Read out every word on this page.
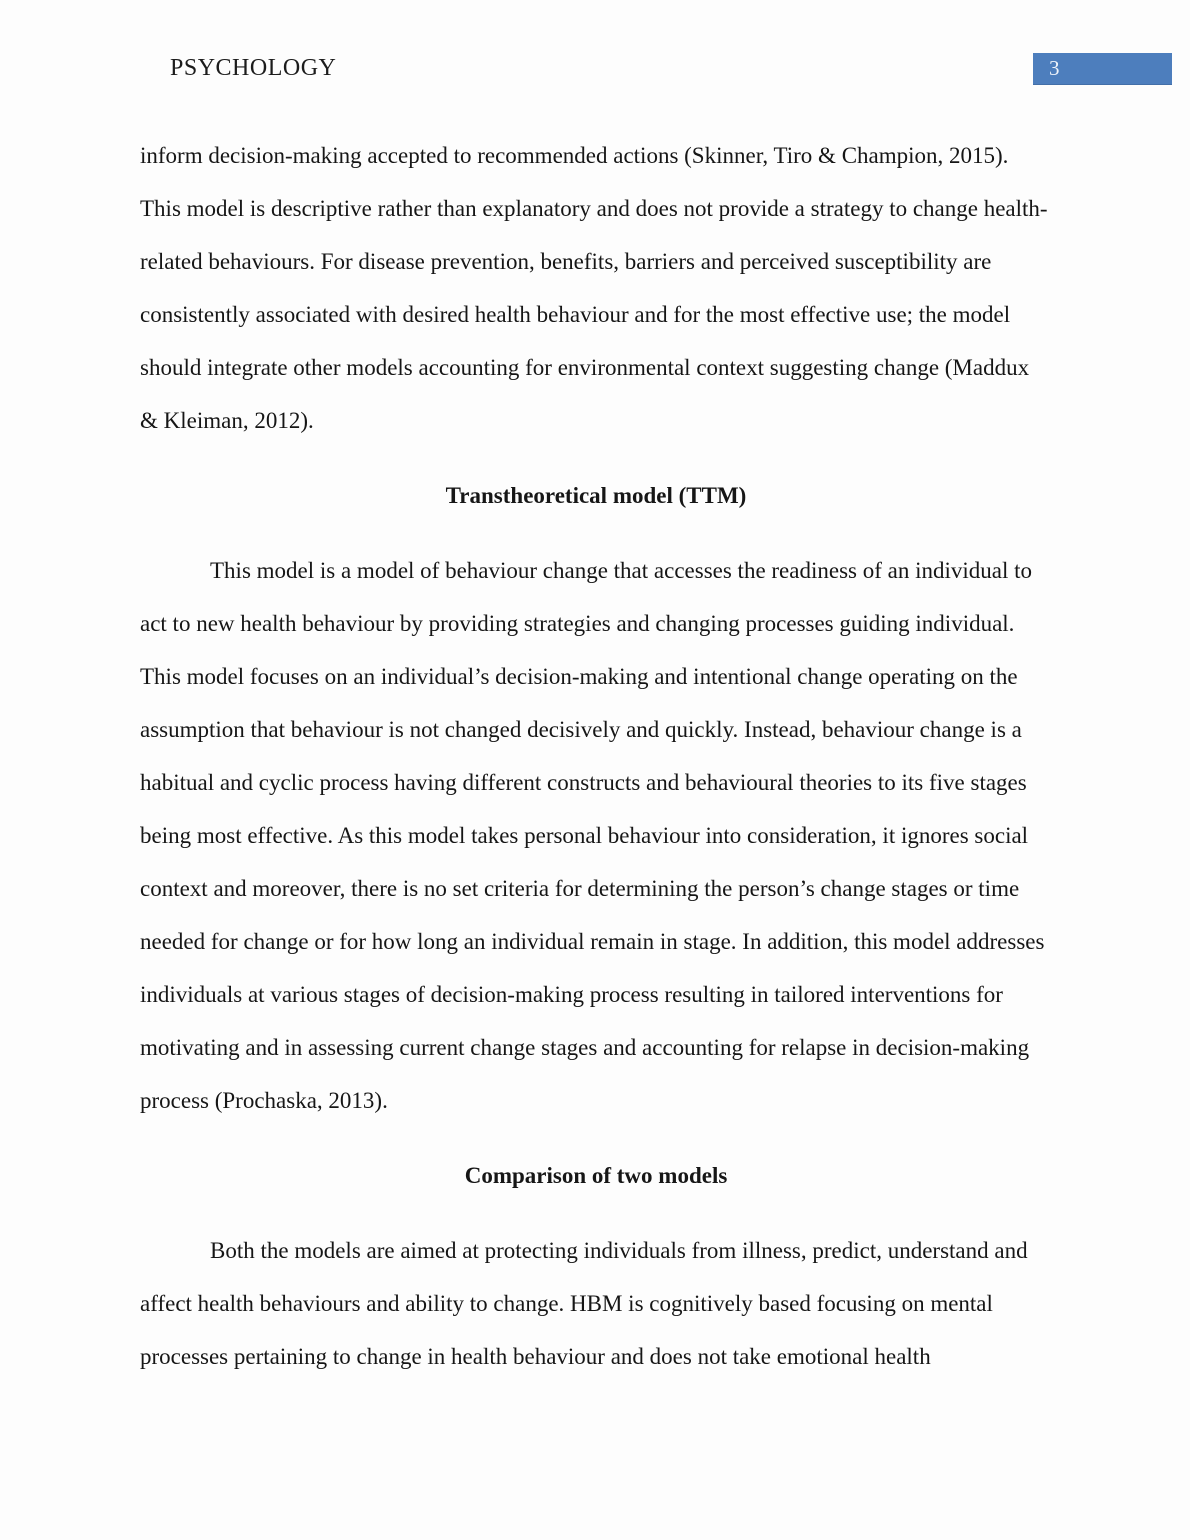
PSYCHOLOGY	3

inform decision-making accepted to recommended actions (Skinner, Tiro & Champion, 2015). This model is descriptive rather than explanatory and does not provide a strategy to change health-related behaviours. For disease prevention, benefits, barriers and perceived susceptibility are consistently associated with desired health behaviour and for the most effective use; the model should integrate other models accounting for environmental context suggesting change (Maddux & Kleiman, 2012).

Transtheoretical model (TTM)

This model is a model of behaviour change that accesses the readiness of an individual to act to new health behaviour by providing strategies and changing processes guiding individual. This model focuses on an individual’s decision-making and intentional change operating on the assumption that behaviour is not changed decisively and quickly. Instead, behaviour change is a habitual and cyclic process having different constructs and behavioural theories to its five stages being most effective. As this model takes personal behaviour into consideration, it ignores social context and moreover, there is no set criteria for determining the person’s change stages or time needed for change or for how long an individual remain in stage. In addition, this model addresses individuals at various stages of decision-making process resulting in tailored interventions for motivating and in assessing current change stages and accounting for relapse in decision-making process (Prochaska, 2013).

Comparison of two models

Both the models are aimed at protecting individuals from illness, predict, understand and affect health behaviours and ability to change. HBM is cognitively based focusing on mental processes pertaining to change in health behaviour and does not take emotional health
